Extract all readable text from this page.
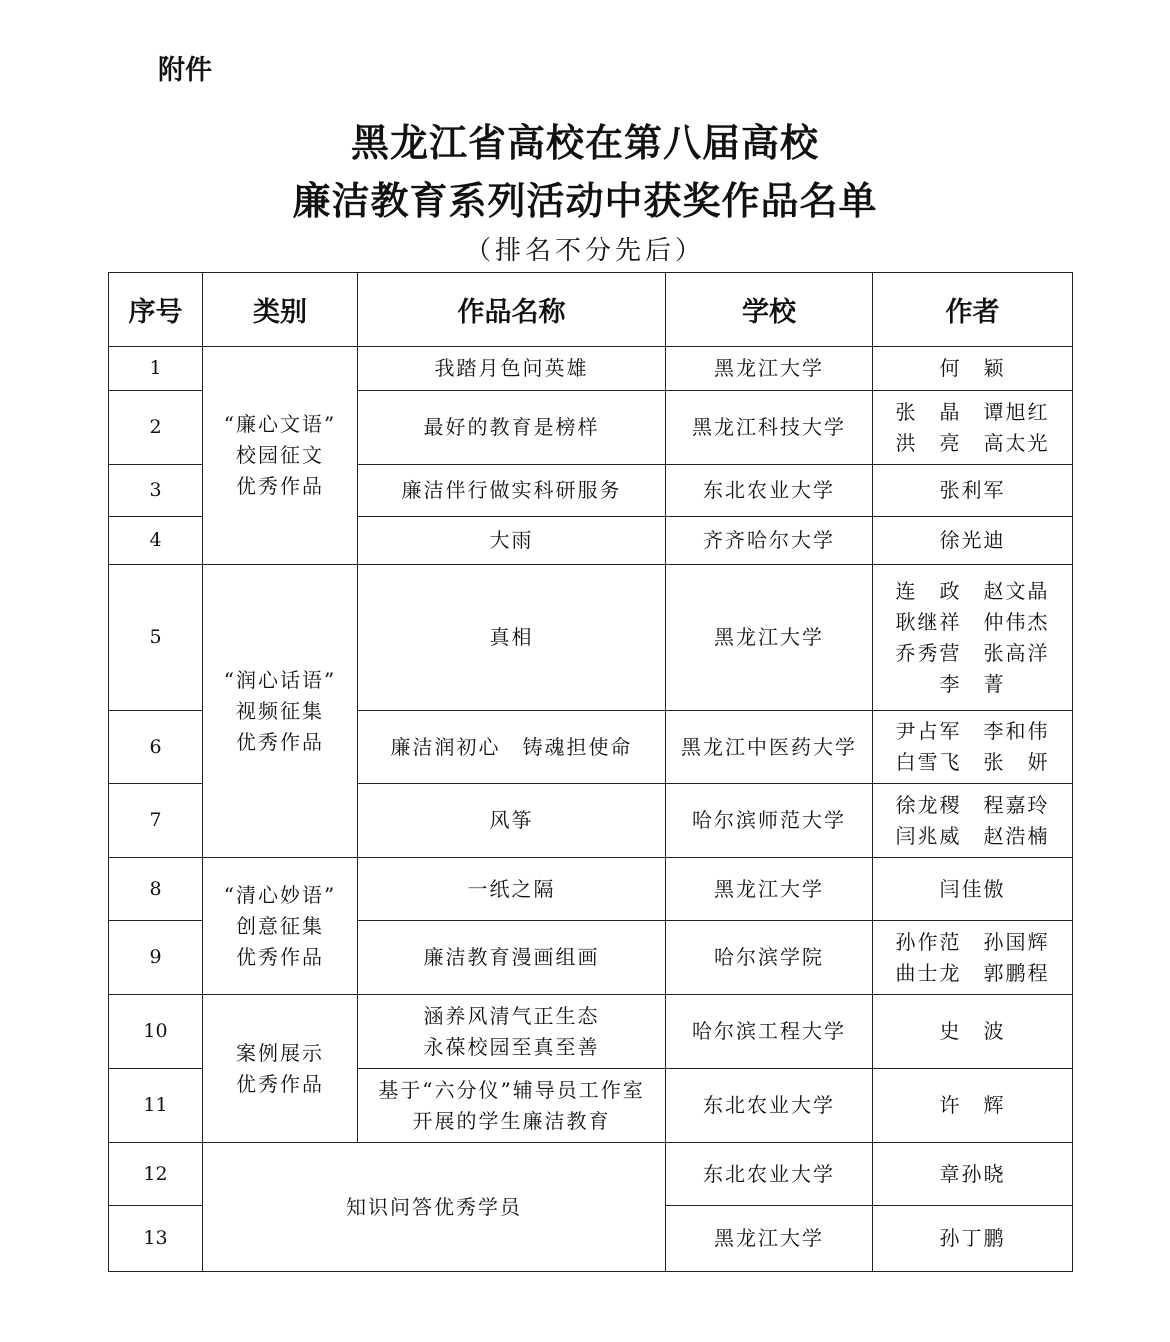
附件
黑龙江省高校在第八届高校
廉洁教育系列活动中获奖作品名单
（排名不分先后）
序号	类别	作品名称	学校	作者
1	“廉心文语”
校园征文
优秀作品	我踏月色问英雄	黑龙江大学	何　颖

2		最好的教育是榜样	黑龙江科技大学	张　晶　谭旭红
洪　亮　高太光

3		廉洁伴行做实科研服务	东北农业大学	张利军

4		大雨	齐齐哈尔大学	徐光迪

5	“润心话语”
视频征集
优秀作品	真相	黑龙江大学	连　政　赵文晶
耿继祥　仲伟杰
乔秀营　张高洋
李　菁

6		廉洁润初心　铸魂担使命	黑龙江中医药大学	尹占军　李和伟
白雪飞　张　妍

7		风筝	哈尔滨师范大学	徐龙稷　程嘉玲
闫兆威　赵浩楠

8	“清心妙语”
创意征集
优秀作品	一纸之隔	黑龙江大学	闫佳傲

9		廉洁教育漫画组画	哈尔滨学院	孙作范　孙国辉
曲士龙　郭鹏程

10	案例展示
优秀作品	涵养风清气正生态
永葆校园至真至善	哈尔滨工程大学	史　波

11		基于“六分仪”辅导员工作室
开展的学生廉洁教育	东北农业大学	许　辉

12	知识问答优秀学员		东北农业大学	章孙晓

13			黑龙江大学	孙丁鹏
